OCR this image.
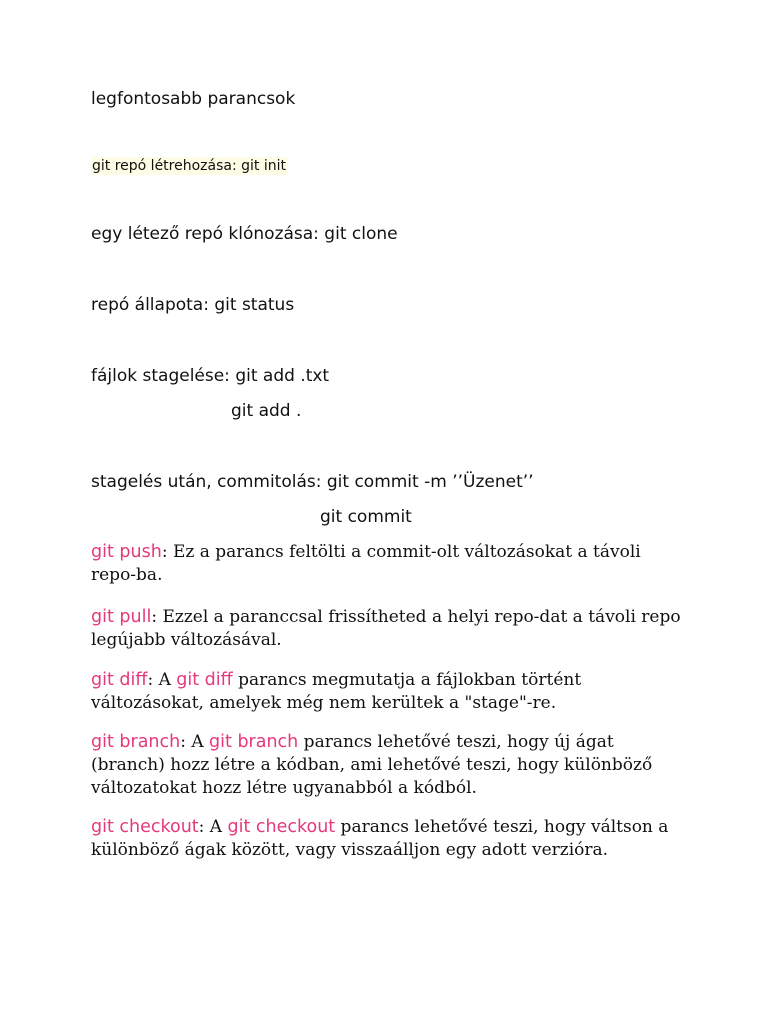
legfontosabb parancsok
git repó létrehozása: git init
egy létező repó klónozása: git clone
repó állapota: git status
fájlok stagelése: git add .txt
git add .
stagelés után, commitolás: git commit -m ’’Üzenet’’
git commit
git push: Ez a parancs feltölti a commit-olt változásokat a távoli repo-ba.
git pull: Ezzel a paranccsal frissítheted a helyi repo-dat a távoli repo legújabb változásával.
git diff: A git diff parancs megmutatja a fájlokban történt változásokat, amelyek még nem kerültek a "stage"-re.
git branch: A git branch parancs lehetővé teszi, hogy új ágat (branch) hozz létre a kódban, ami lehetővé teszi, hogy különböző változatokat hozz létre ugyanabból a kódból.
git checkout: A git checkout parancs lehetővé teszi, hogy váltson a különböző ágak között, vagy visszaálljon egy adott verzióra.
